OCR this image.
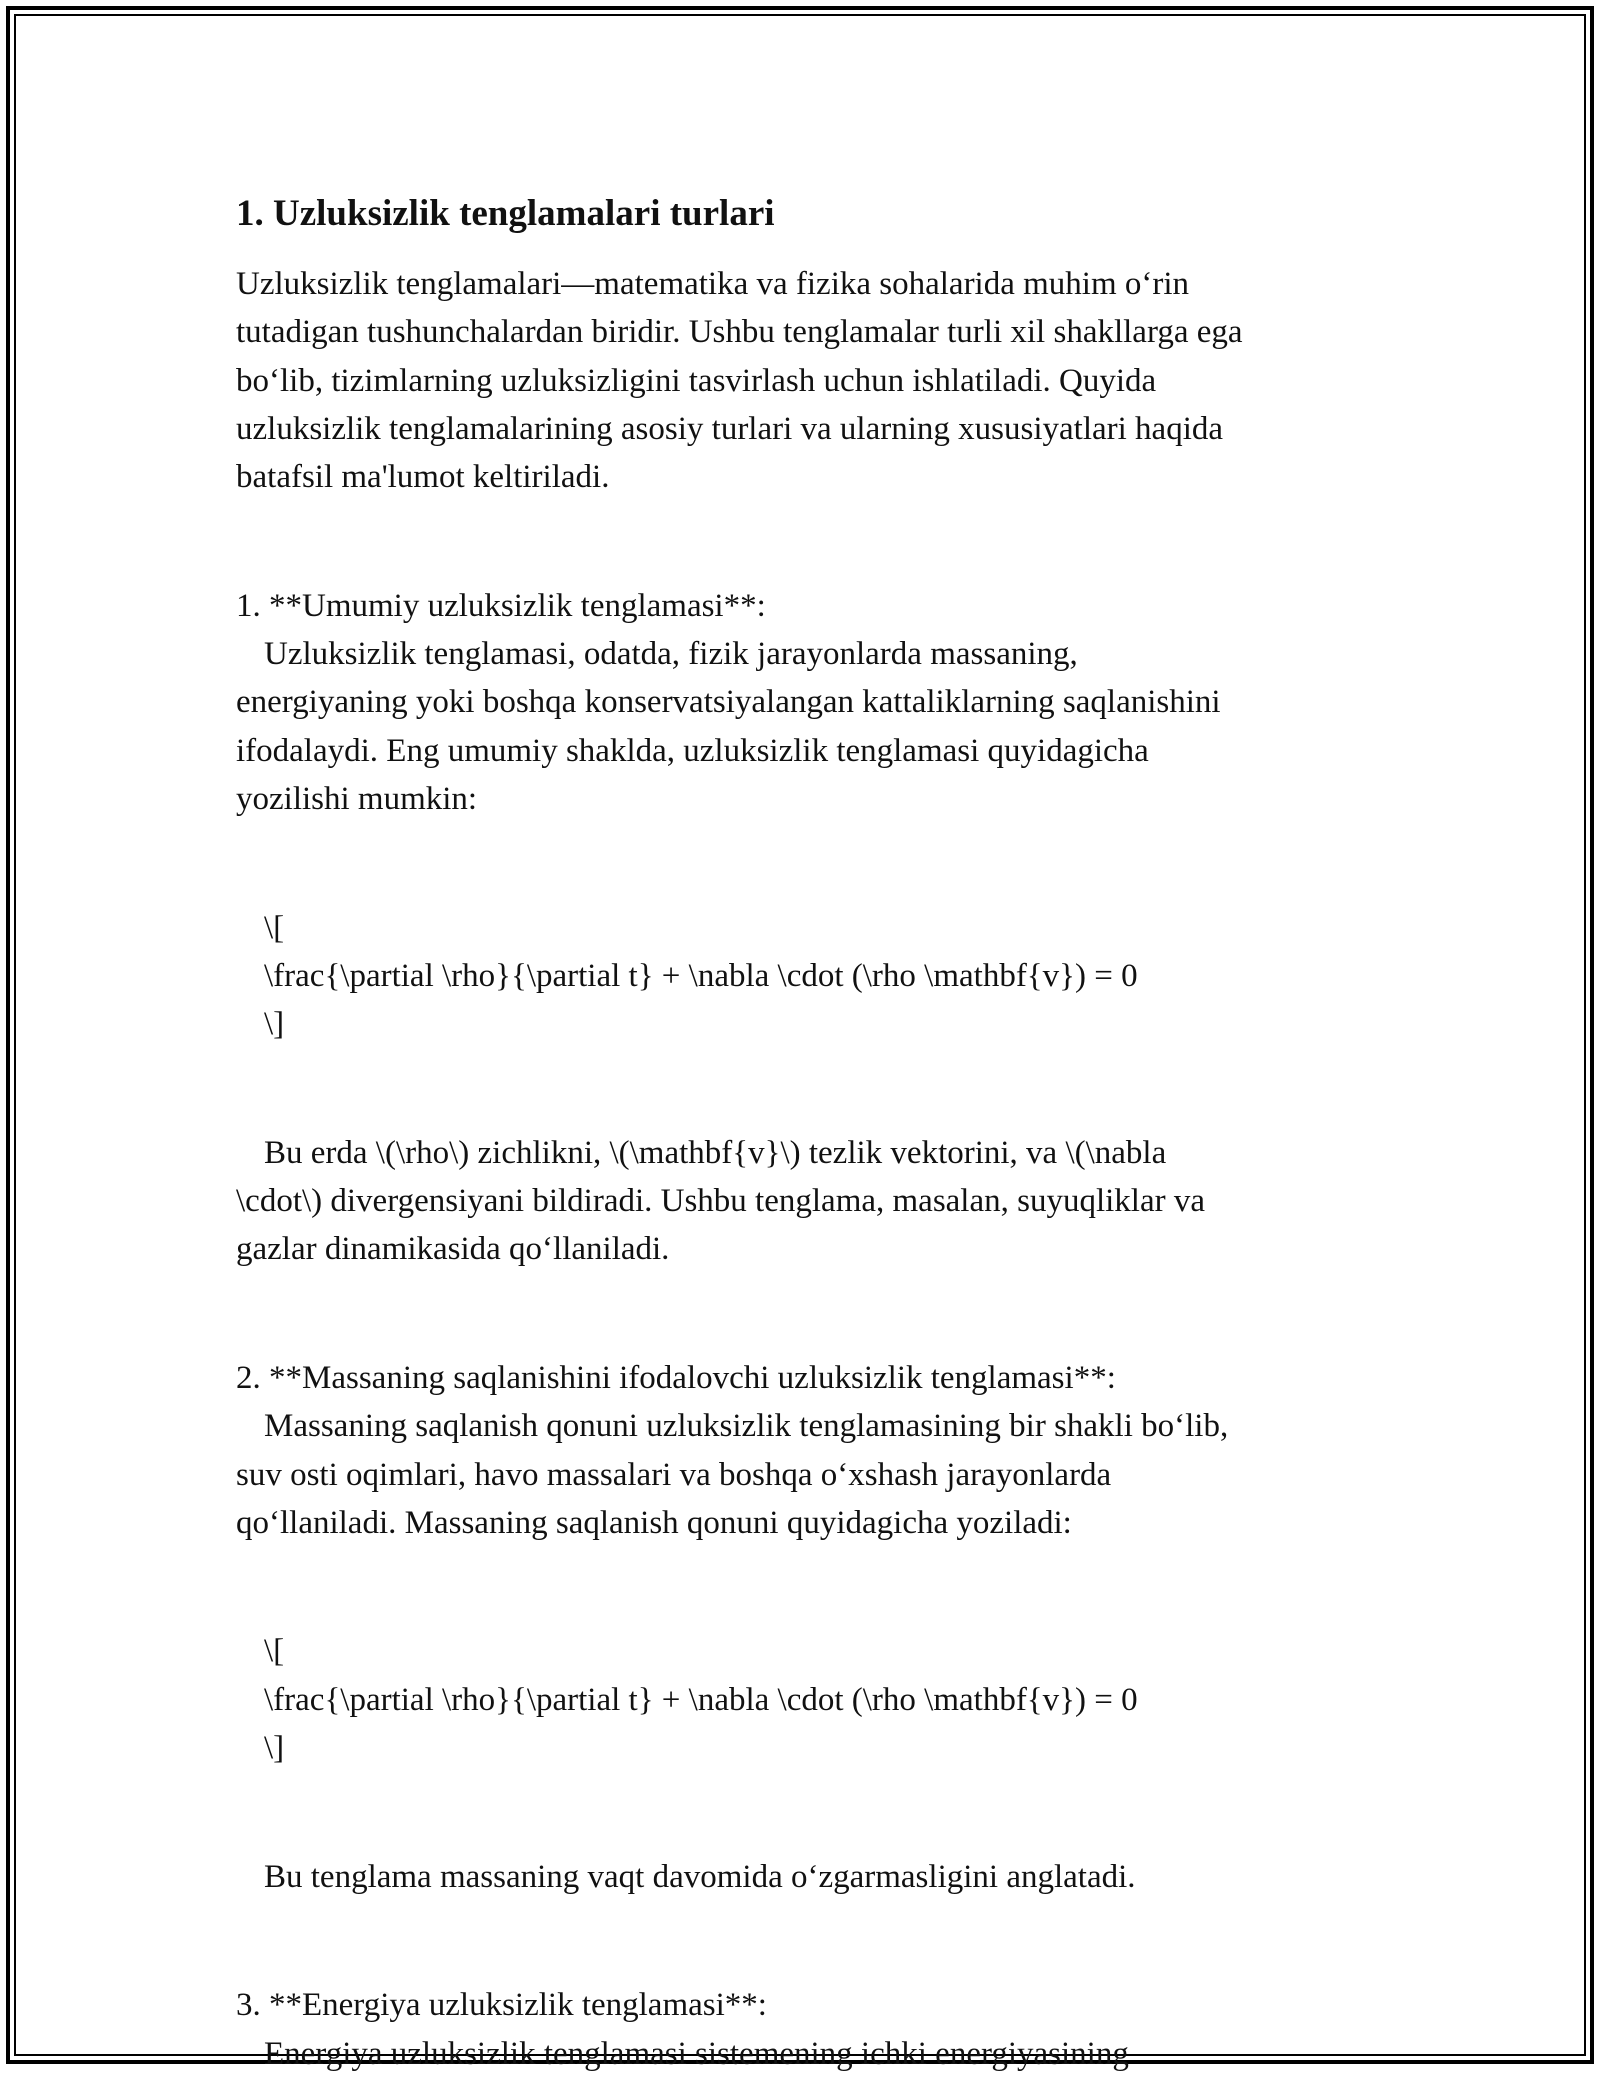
1. Uzluksizlik tenglamalari turlari

Uzluksizlik tenglamalari—matematika va fizika sohalarida muhim o‘rin

tutadigan tushunchalardan biridir. Ushbu tenglamalar turli xil shakllarga ega

bo‘lib, tizimlarning uzluksizligini tasvirlash uchun ishlatiladi. Quyida

uzluksizlik tenglamalarining asosiy turlari va ularning xususiyatlari haqida

batafsil ma'lumot keltiriladi.

1. **Umumiy uzluksizlik tenglamasi**:

Uzluksizlik tenglamasi, odatda, fizik jarayonlarda massaning,

energiyaning yoki boshqa konservatsiyalangan kattaliklarning saqlanishini

ifodalaydi. Eng umumiy shaklda, uzluksizlik tenglamasi quyidagicha

yozilishi mumkin:

\[

\frac{\partial \rho}{\partial t} + \nabla \cdot (\rho \mathbf{v}) = 0

\]

Bu erda \(\rho\) zichlikni, \(\mathbf{v}\) tezlik vektorini, va \(\nabla

\cdot\) divergensiyani bildiradi. Ushbu tenglama, masalan, suyuqliklar va

gazlar dinamikasida qo‘llaniladi.

2. **Massaning saqlanishini ifodalovchi uzluksizlik tenglamasi**:

Massaning saqlanish qonuni uzluksizlik tenglamasining bir shakli bo‘lib,

suv osti oqimlari, havo massalari va boshqa o‘xshash jarayonlarda

qo‘llaniladi. Massaning saqlanish qonuni quyidagicha yoziladi:

\[

\frac{\partial \rho}{\partial t} + \nabla \cdot (\rho \mathbf{v}) = 0

\]

Bu tenglama massaning vaqt davomida o‘zgarmasligini anglatadi.

3. **Energiya uzluksizlik tenglamasi**:

Energiya uzluksizlik tenglamasi sistemening ichki energiyasining
